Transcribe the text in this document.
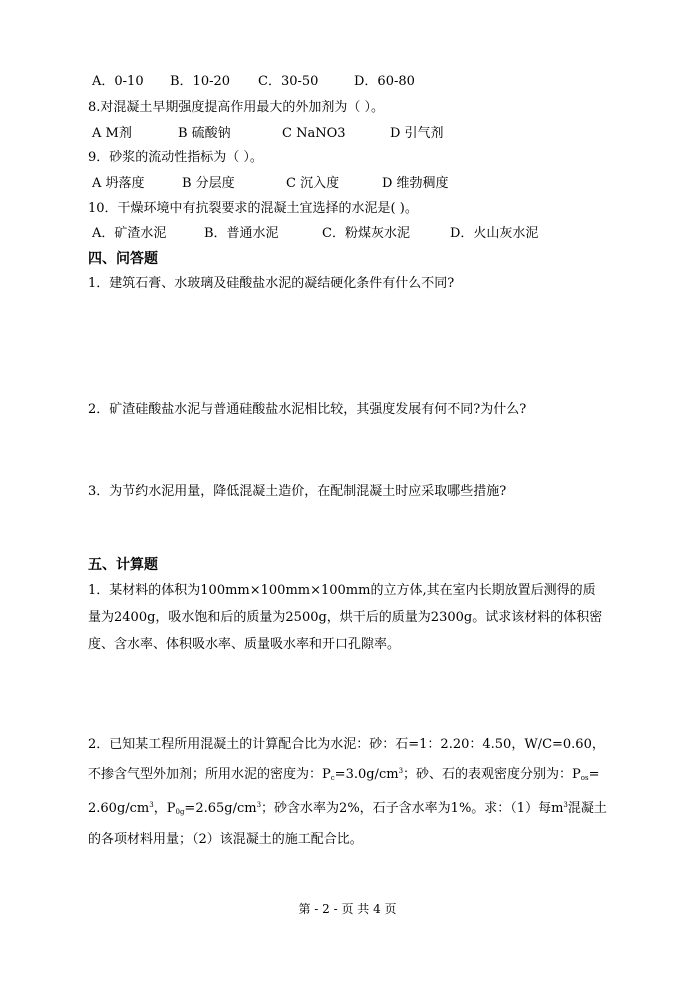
A．0-10 B．10-20 C．30-50	D．60-80
8.对混凝土早期强度提高作用最大的外加剂为（ ）。
A M剂	B 硫酸钠	C NaNO3	D 引气剂
9．砂浆的流动性指标为（ ）。
A 坍落度	B 分层度	C 沉入度	D 维勃稠度
10．干燥环境中有抗裂要求的混凝土宜选择的水泥是( )。
A．矿渣水泥	B．普通水泥	C．粉煤灰水泥	D．火山灰水泥
四、问答题
1．建筑石膏、水玻璃及硅酸盐水泥的凝结硬化条件有什么不同?
2．矿渣硅酸盐水泥与普通硅酸盐水泥相比较，其强度发展有何不同?为什么?
3．为节约水泥用量，降低混凝土造价，在配制混凝土时应采取哪些措施?
五、计算题
1．某材料的体积为100mm×100mm×100mm的立方体,其在室内长期放置后测得的质量为2400g，吸水饱和后的质量为2500g，烘干后的质量为2300g。试求该材料的体积密度、含水率、体积吸水率、质量吸水率和开口孔隙率。
2．已知某工程所用混凝土的计算配合比为水泥：砂：石=1：2.20：4.50，W/C=0.60，不掺含气型外加剂；所用水泥的密度为：$P_c=3.0g/cm^3$；砂、石的表观密度分别为：$P_{os}=2.60g/cm^3$，$P_{0g}=2.65g/cm^3$；砂含水率为2%，石子含水率为1%。求：（1）每$m^3$混凝土的各项材料用量；（2）该混凝土的施工配合比。
第 - 2 - 页 共 4 页
